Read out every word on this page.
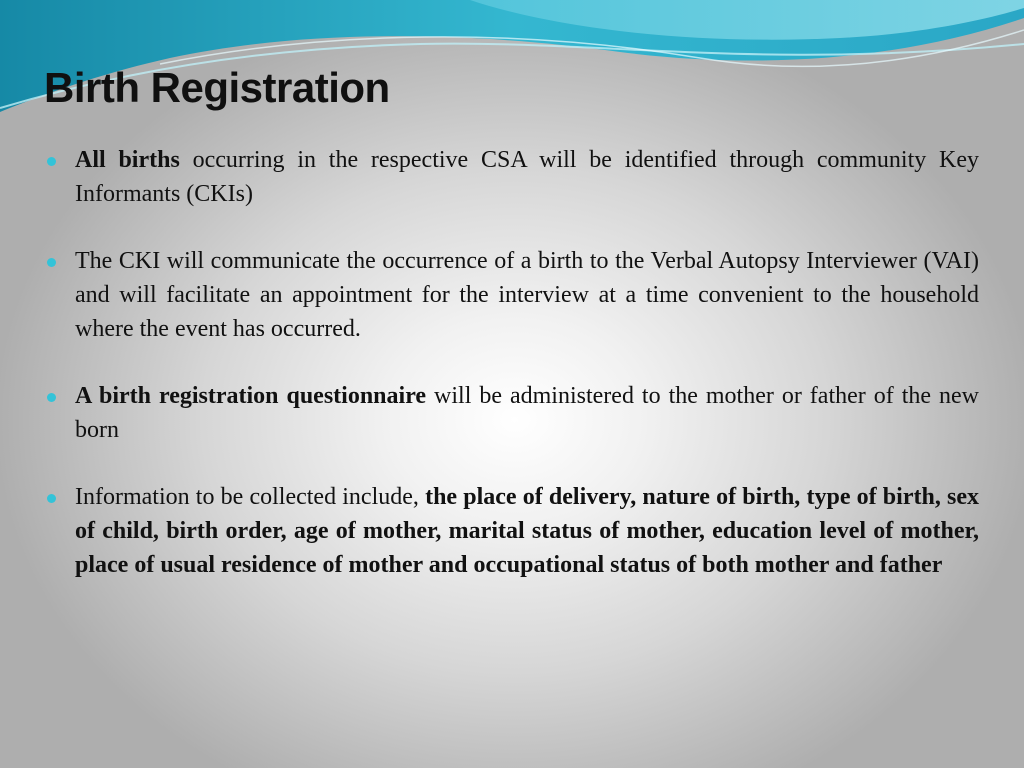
Birth Registration

All births occurring in the respective CSA will be identified through community Key Informants (CKIs)

The CKI will communicate the occurrence of a birth to the Verbal Autopsy Interviewer (VAI) and will facilitate an appointment for the interview at a time convenient to the household where the event has occurred.

A birth registration questionnaire will be administered to the mother or father of the new born

Information to be collected include, the place of delivery, nature of birth, type of birth, sex of child, birth order, age of mother, marital status of mother, education level of mother, place of usual residence of mother and occupational status of both mother and father
